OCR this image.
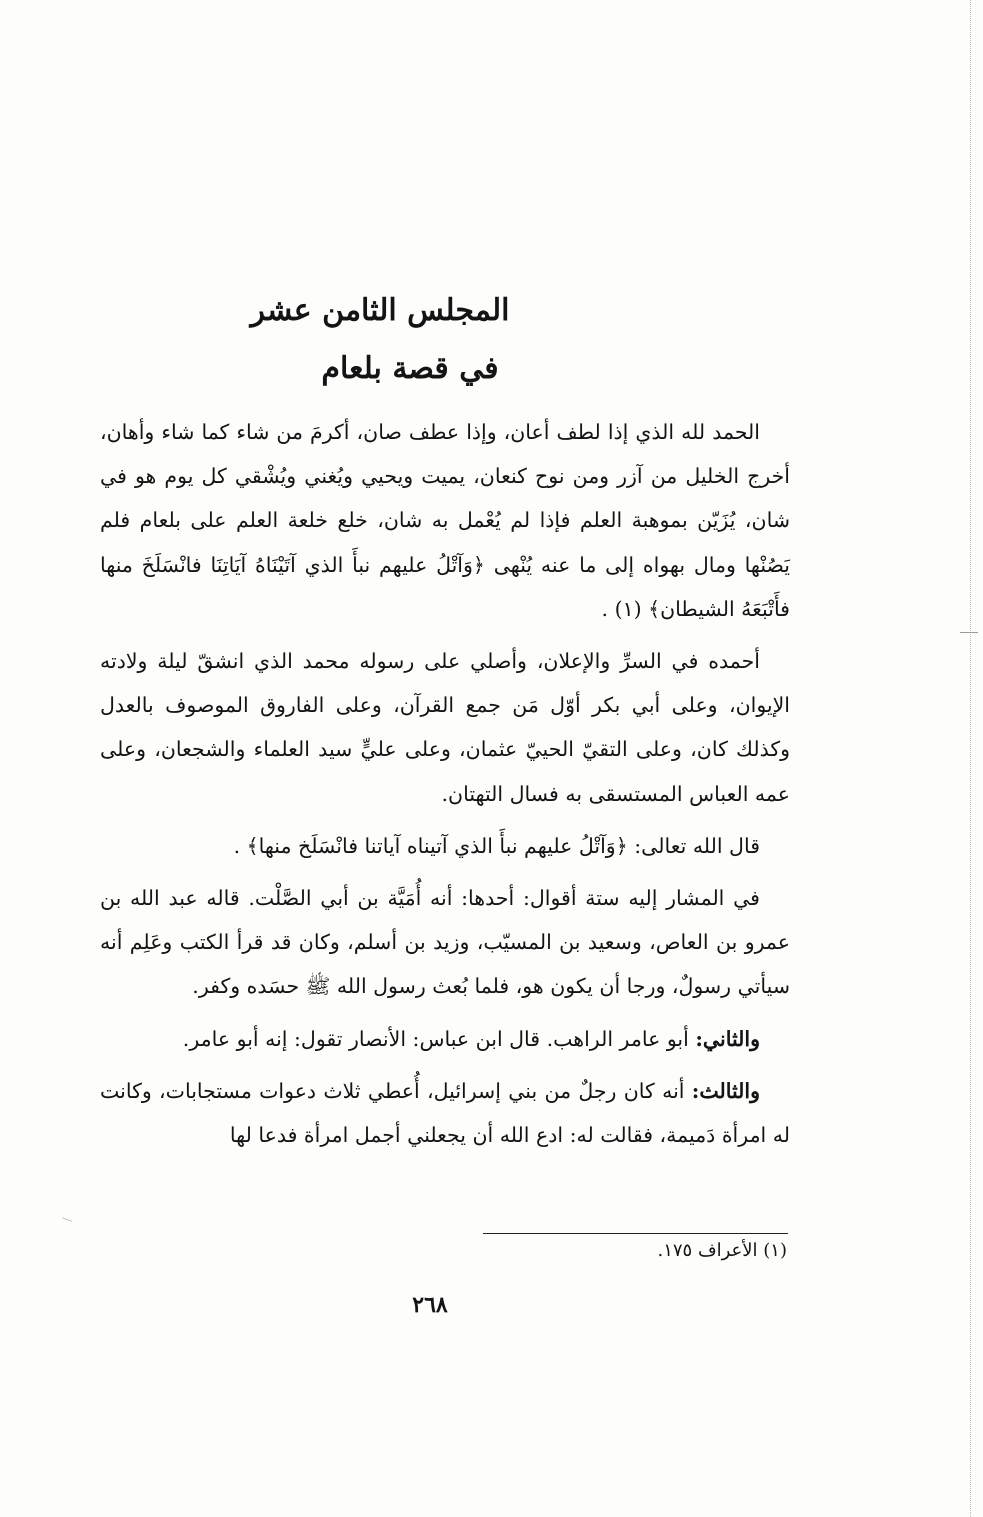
المجلس الثامن عشر

في قصة بلعام

الحمد لله الذي إذا لطف أعان، وإذا عطف صان، أكرمَ من شاء كما شاء وأهان، أخرج الخليل من آزر ومن نوح كنعان، يميت ويحيي ويُغني ويُشْقي كل يوم هو في شان، يُزَيّن بموهبة العلم فإذا لم يُعْمل به شان، خلع خلعة العلم على بلعام فلم يَصُنْها ومال بهواه إلى ما عنه يُنْهى ﴿وَآتْلُ عليهم نبأَ الذي آتَيْنَاهُ آيَاتِنَا فانْسَلَخَ منها فأَتْبَعَهُ الشيطان﴾ (١) .

أحمده في السرِّ والإعلان، وأصلي على رسوله محمد الذي انشقّ ليلة ولادته الإيوان، وعلى أبي بكر أوّل مَن جمع القرآن، وعلى الفاروق الموصوف بالعدل وكذلك كان، وعلى التقيّ الحييّ عثمان، وعلى عليٍّ سيد العلماء والشجعان، وعلى عمه العباس المستسقى به فسال التهتان.

قال الله تعالى: ﴿وَآتْلُ عليهم نبأَ الذي آتيناه آياتنا فانْسَلَخ منها﴾ .

في المشار إليه ستة أقوال: أحدها: أنه أُمَيَّة بن أبي الصَّلْت. قاله عبد الله بن عمرو بن العاص، وسعيد بن المسيّب، وزيد بن أسلم، وكان قد قرأ الكتب وعَلِم أنه سيأتي رسولٌ، ورجا أن يكون هو، فلما بُعث رسول الله ﷺ حسَده وكفر.

والثاني: أبو عامر الراهب. قال ابن عباس: الأنصار تقول: إنه أبو عامر.

والثالث: أنه كان رجلٌ من بني إسرائيل، أُعطي ثلاث دعوات مستجابات، وكانت له امرأة دَميمة، فقالت له: ادع الله أن يجعلني أجمل امرأة فدعا لها

(١) الأعراف ١٧٥.
٢٦٨
